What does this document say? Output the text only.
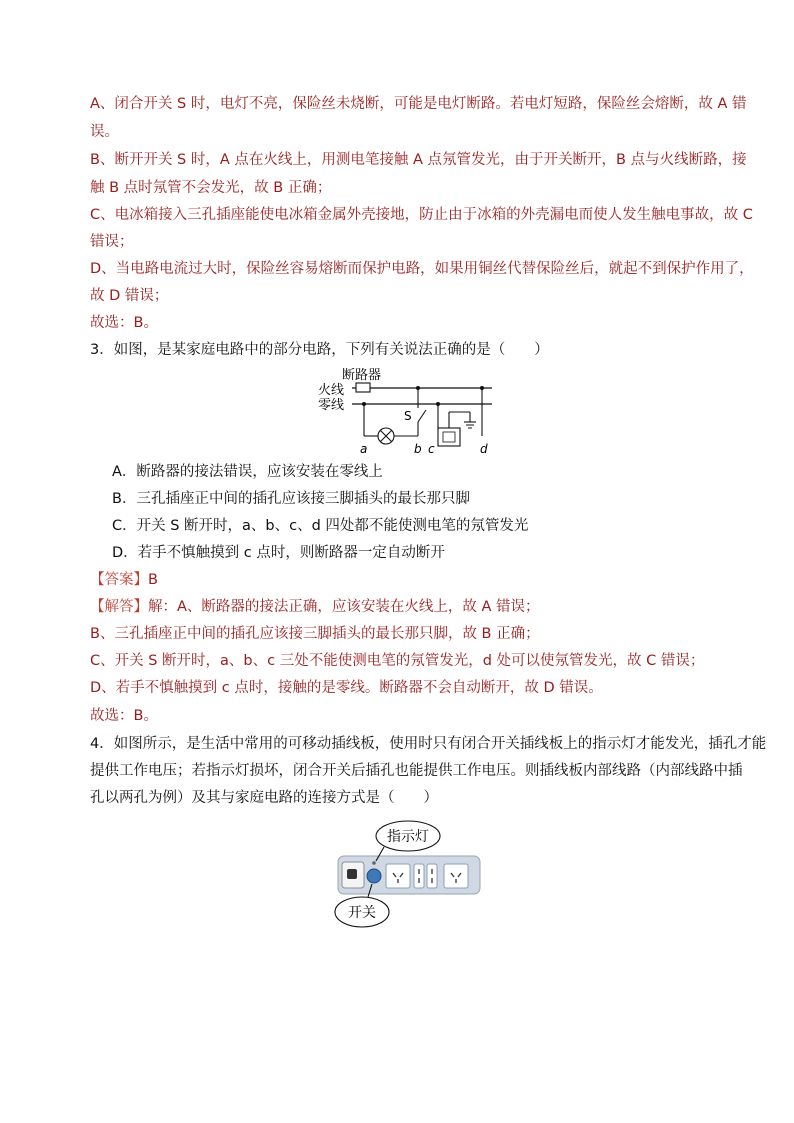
A、闭合开关 S 时，电灯不亮，保险丝未烧断，可能是电灯断路。若电灯短路，保险丝会熔断，故 A 错
误。
B、断开开关 S 时，A 点在火线上，用测电笔接触 A 点氖管发光，由于开关断开，B 点与火线断路，接
触 B 点时氖管不会发光，故 B 正确；
C、电冰箱接入三孔插座能使电冰箱金属外壳接地，防止由于冰箱的外壳漏电而使人发生触电事故，故 C
错误；
D、当电路电流过大时，保险丝容易熔断而保护电路，如果用铜丝代替保险丝后，就起不到保护作用了，
故 D 错误；
故选：B。
3．如图，是某家庭电路中的部分电路，下列有关说法正确的是（　　）
断路器
火线
零线
S
a	b c	d
A．断路器的接法错误，应该安装在零线上
B．三孔插座正中间的插孔应该接三脚插头的最长那只脚
C．开关 S 断开时，a、b、c、d 四处都不能使测电笔的氖管发光
D．若手不慎触摸到 c 点时，则断路器一定自动断开
【答案】B
【解答】解：A、断路器的接法正确，应该安装在火线上，故 A 错误；
B、三孔插座正中间的插孔应该接三脚插头的最长那只脚，故 B 正确；
C、开关 S 断开时，a、b、c 三处不能使测电笔的氖管发光，d 处可以使氖管发光，故 C 错误；
D、若手不慎触摸到 c 点时，接触的是零线。断路器不会自动断开，故 D 错误。
故选：B。
4．如图所示，是生活中常用的可移动插线板，使用时只有闭合开关插线板上的指示灯才能发光，插孔才能
提供工作电压；若指示灯损坏，闭合开关后插孔也能提供工作电压。则插线板内部线路（内部线路中插
孔以两孔为例）及其与家庭电路的连接方式是（　　）
指示灯
开关
